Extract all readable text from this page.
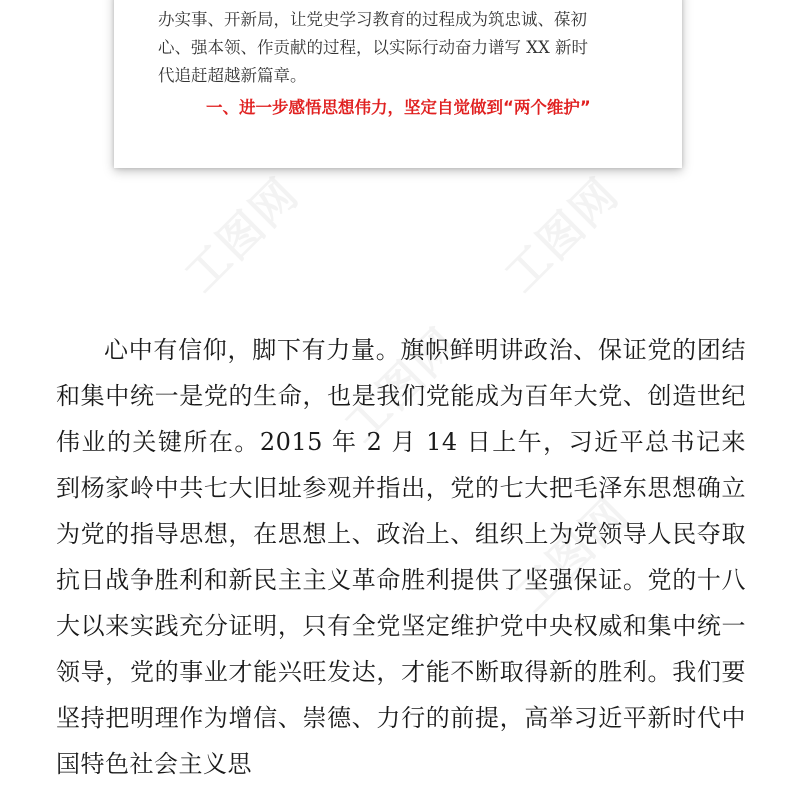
工图网	工图网
工图网
工图网

办实事、开新局，让党史学习教育的过程成为筑忠诚、葆初
心、强本领、作贡献的过程，以实际行动奋力谱写 XX 新时
代追赶超越新篇章。

一、进一步感悟思想伟力，坚定自觉做到“两个维护”

心中有信仰，脚下有力量。旗帜鲜明讲政治、保证党的团结和集中统一是党的生命，也是我们党能成为百年大党、创造世纪伟业的关键所在。2015 年 2 月 14 日上午，习近平总书记来到杨家岭中共七大旧址参观并指出，党的七大把毛泽东思想确立为党的指导思想，在思想上、政治上、组织上为党领导人民夺取抗日战争胜利和新民主主义革命胜利提供了坚强保证。党的十八大以来实践充分证明，只有全党坚定维护党中央权威和集中统一领导，党的事业才能兴旺发达，才能不断取得新的胜利。我们要坚持把明理作为增信、崇德、力行的前提，高举习近平新时代中国特色社会主义思
